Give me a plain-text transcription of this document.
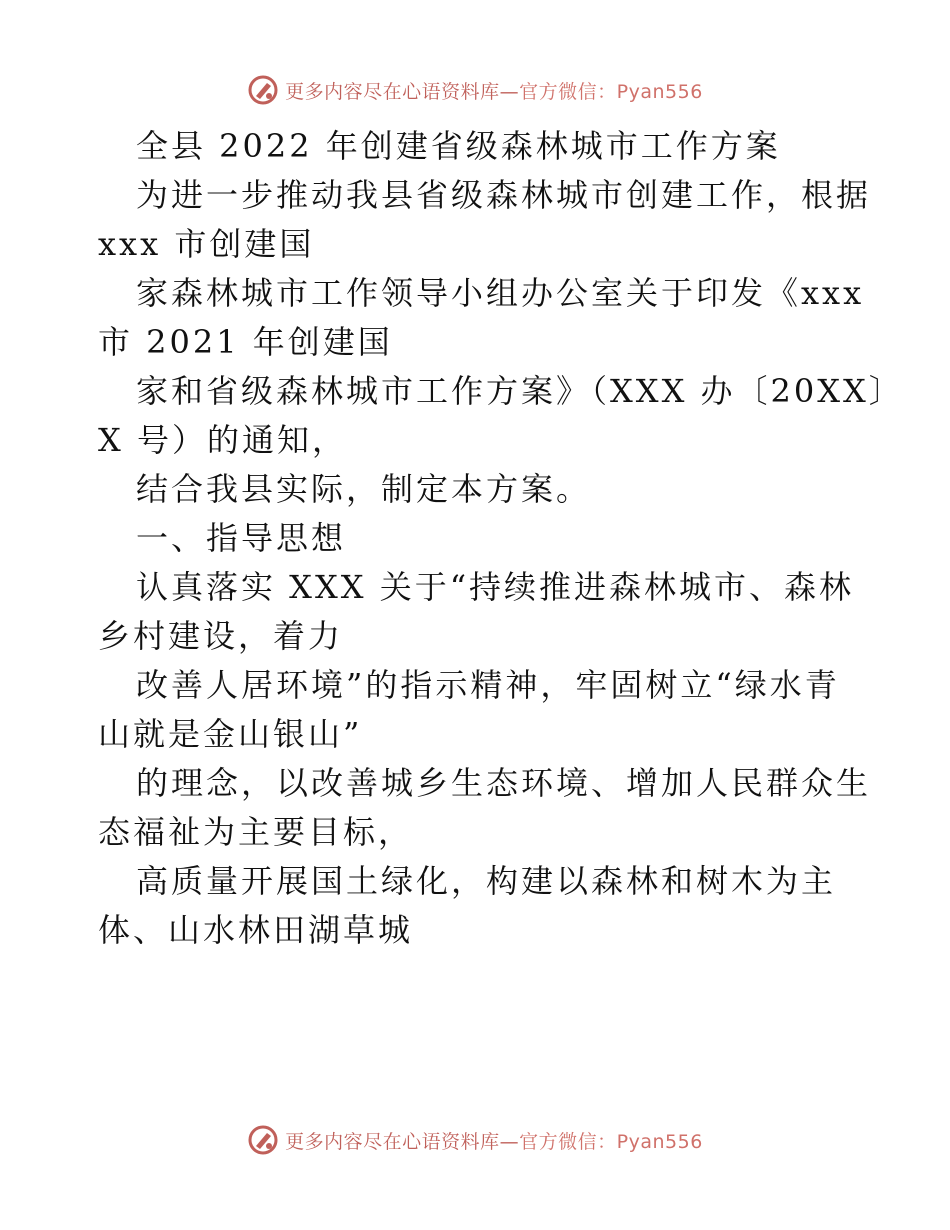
更多内容尽在心语资料库—官方微信：Pyan556
全县 2022 年创建省级森林城市工作方案
为进一步推动我县省级森林城市创建工作，根据
xxx 市创建国
家森林城市工作领导小组办公室关于印发《xxx
市 2021 年创建国
家和省级森林城市工作方案》（XXX 办〔20XX〕
X 号）的通知，
结合我县实际，制定本方案。
一、指导思想
认真落实 XXX 关于“持续推进森林城市、森林
乡村建设，着力
改善人居环境”的指示精神，牢固树立“绿水青
山就是金山银山”
的理念，以改善城乡生态环境、增加人民群众生
态福祉为主要目标，
高质量开展国土绿化，构建以森林和树木为主
体、山水林田湖草城
更多内容尽在心语资料库—官方微信：Pyan556
